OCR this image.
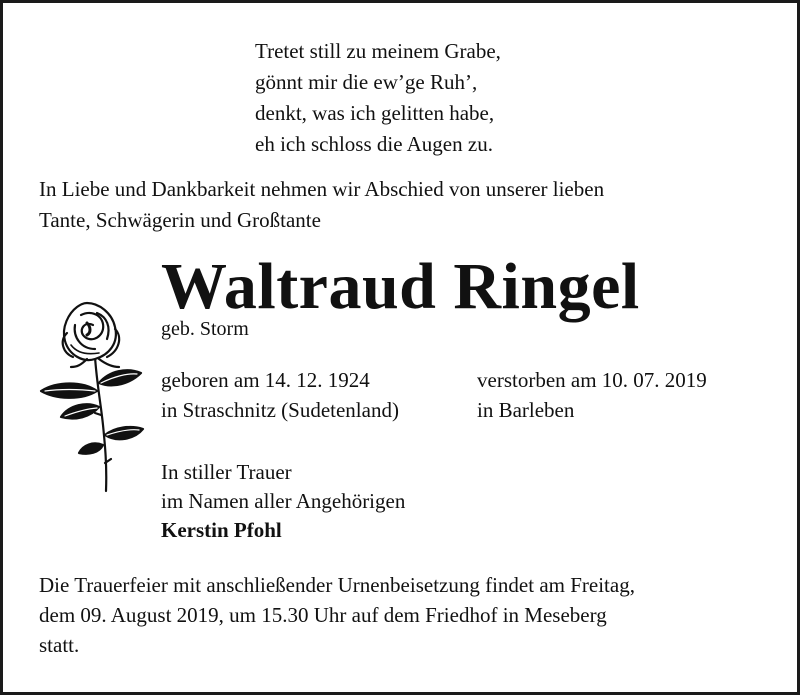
Tretet still zu meinem Grabe,
gönnt mir die ew’ge Ruh’,
denkt, was ich gelitten habe,
eh ich schloss die Augen zu.
In Liebe und Dankbarkeit nehmen wir Abschied von unserer lieben
Tante, Schwägerin und Großtante
Waltraud Ringel
geb. Storm
geboren am 14. 12. 1924
in Straschnitz (Sudetenland)
verstorben am 10. 07. 2019
in Barleben
In stiller Trauer
im Namen aller Angehörigen
Kerstin Pfohl
Die Trauerfeier mit anschließender Urnenbeisetzung findet am Freitag,
dem 09. August 2019, um 15.30 Uhr auf dem Friedhof in Meseberg
statt.
